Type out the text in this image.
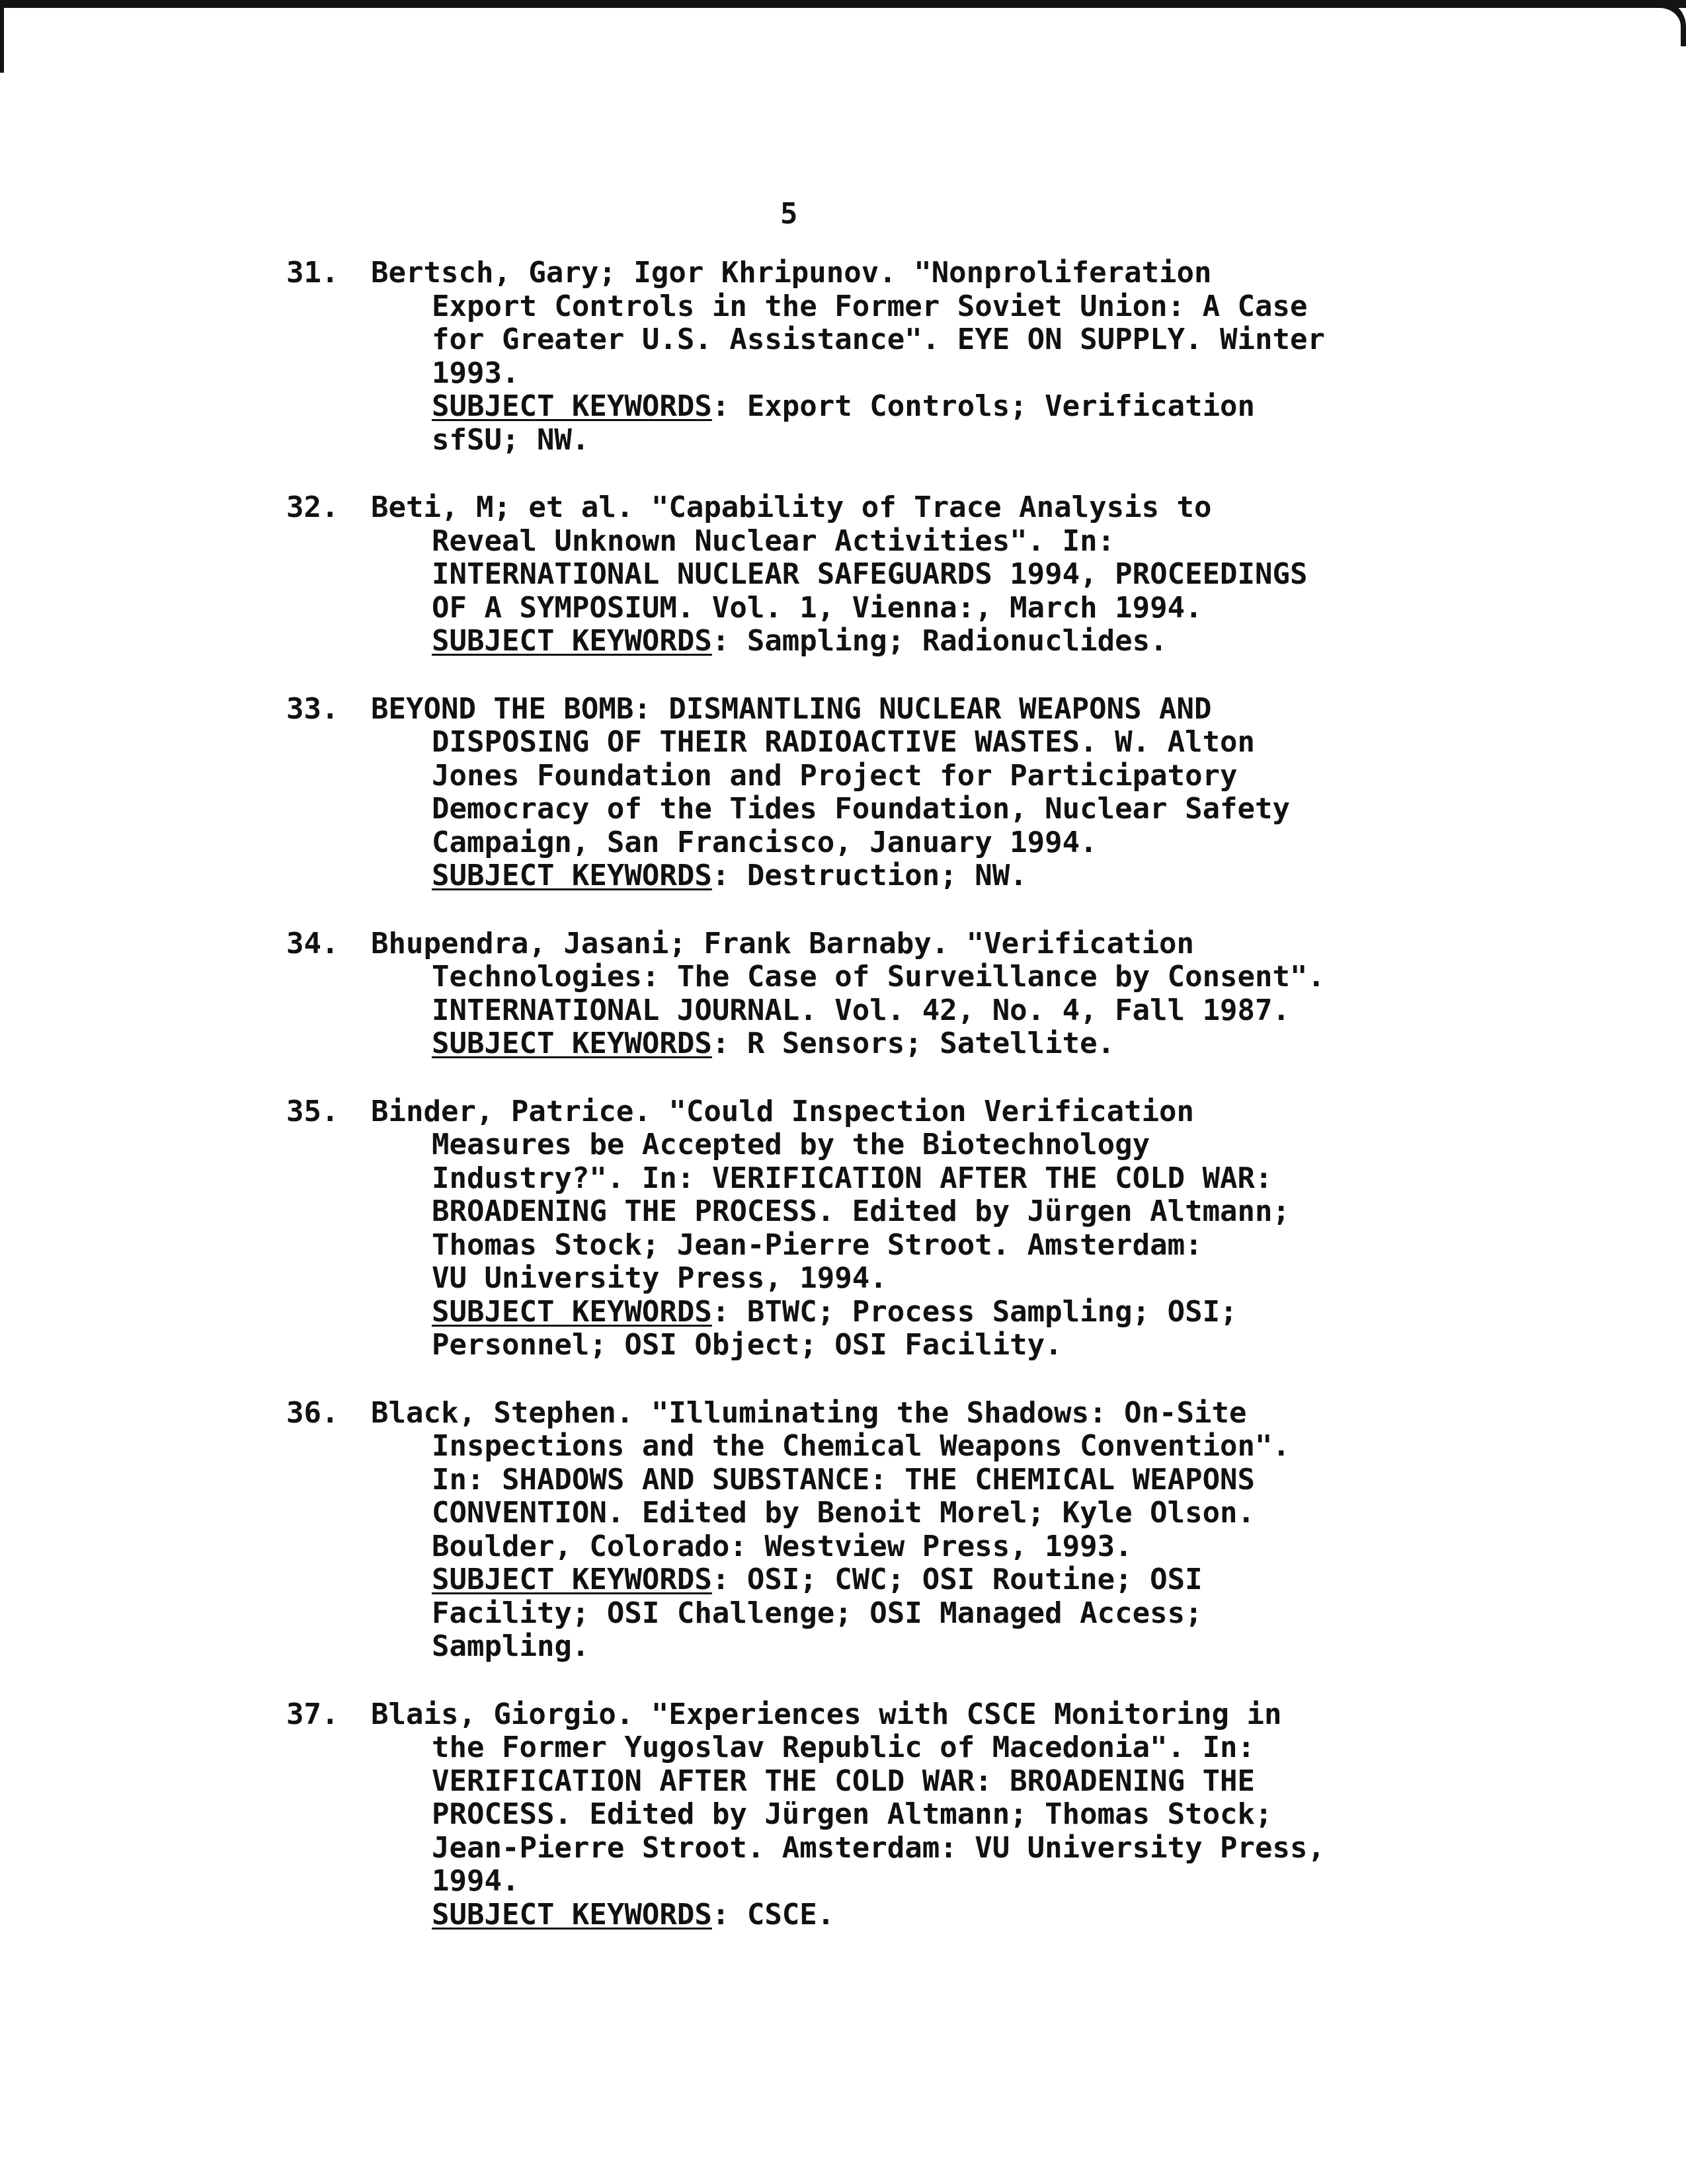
5
31. Bertsch, Gary; Igor Khripunov. "Nonproliferation
Export Controls in the Former Soviet Union: A Case
for Greater U.S. Assistance". EYE ON SUPPLY. Winter
1993.
SUBJECT KEYWORDS: Export Controls; Verification
sfSU; NW.
32. Beti, M; et al. "Capability of Trace Analysis to
Reveal Unknown Nuclear Activities". In:
INTERNATIONAL NUCLEAR SAFEGUARDS 1994, PROCEEDINGS
OF A SYMPOSIUM. Vol. 1, Vienna:, March 1994.
SUBJECT KEYWORDS: Sampling; Radionuclides.
33. BEYOND THE BOMB: DISMANTLING NUCLEAR WEAPONS AND
DISPOSING OF THEIR RADIOACTIVE WASTES. W. Alton
Jones Foundation and Project for Participatory
Democracy of the Tides Foundation, Nuclear Safety
Campaign, San Francisco, January 1994.
SUBJECT KEYWORDS: Destruction; NW.
34. Bhupendra, Jasani; Frank Barnaby. "Verification
Technologies: The Case of Surveillance by Consent".
INTERNATIONAL JOURNAL. Vol. 42, No. 4, Fall 1987.
SUBJECT KEYWORDS: R Sensors; Satellite.
35. Binder, Patrice. "Could Inspection Verification
Measures be Accepted by the Biotechnology
Industry?". In: VERIFICATION AFTER THE COLD WAR:
BROADENING THE PROCESS. Edited by Jürgen Altmann;
Thomas Stock; Jean-Pierre Stroot. Amsterdam:
VU University Press, 1994.
SUBJECT KEYWORDS: BTWC; Process Sampling; OSI;
Personnel; OSI Object; OSI Facility.
36. Black, Stephen. "Illuminating the Shadows: On-Site
Inspections and the Chemical Weapons Convention".
In: SHADOWS AND SUBSTANCE: THE CHEMICAL WEAPONS
CONVENTION. Edited by Benoit Morel; Kyle Olson.
Boulder, Colorado: Westview Press, 1993.
SUBJECT KEYWORDS: OSI; CWC; OSI Routine; OSI
Facility; OSI Challenge; OSI Managed Access;
Sampling.
37. Blais, Giorgio. "Experiences with CSCE Monitoring in
the Former Yugoslav Republic of Macedonia". In:
VERIFICATION AFTER THE COLD WAR: BROADENING THE
PROCESS. Edited by Jürgen Altmann; Thomas Stock;
Jean-Pierre Stroot. Amsterdam: VU University Press,
1994.
SUBJECT KEYWORDS: CSCE.
